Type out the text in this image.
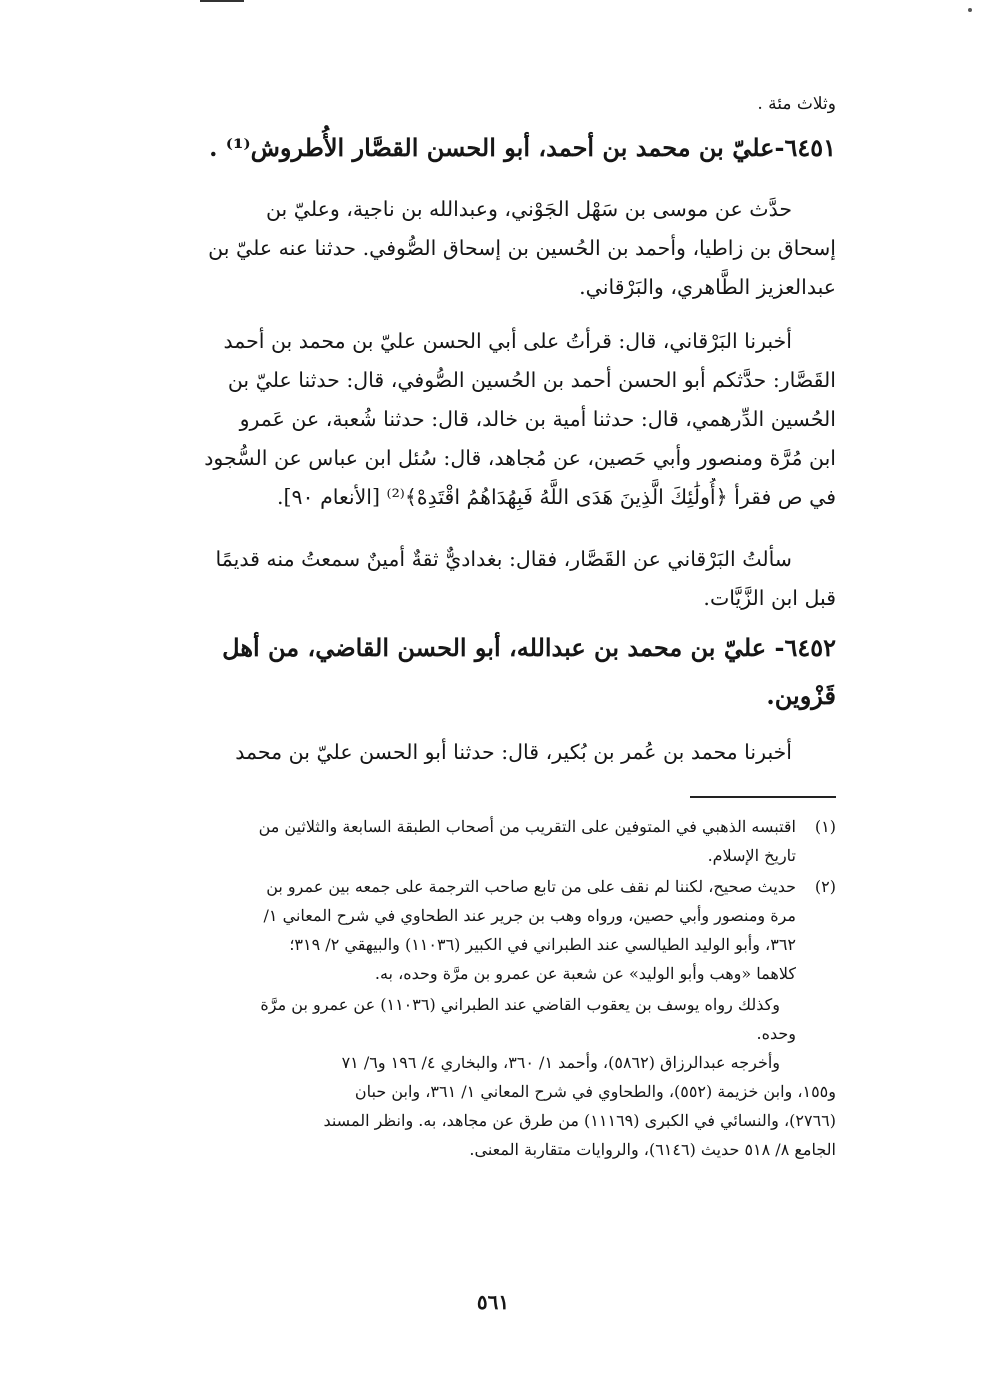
وثلاث مئة .
٦٤٥١-عليّ بن محمد بن أحمد، أبو الحسن القصَّار الأُطروش⁽¹⁾ .
حدَّث عن موسى بن سَهْل الجَوْني، وعبدالله بن ناجية، وعليّ بن
إسحاق بن زاطيا، وأحمد بن الحُسين بن إسحاق الصُّوفي. حدثنا عنه عليّ بن
عبدالعزيز الطَّاهري، والبَرْقاني.
أخبرنا البَرْقاني، قال: قرأتُ على أبي الحسن عليّ بن محمد بن أحمد
القَصَّار: حدَّثكم أبو الحسن أحمد بن الحُسين الصُّوفي، قال: حدثنا عليّ بن
الحُسين الدِّرهمي، قال: حدثنا أمية بن خالد، قال: حدثنا شُعبة، عن عَمرو
ابن مُرَّة ومنصور وأبي حَصين، عن مُجاهد، قال: سُئل ابن عباس عن السُّجود
في ص فقرأ ﴿أُولَٰئِكَ الَّذِينَ هَدَى اللَّهُ فَبِهُدَاهُمُ اقْتَدِهْ﴾⁽²⁾ [الأنعام ٩٠].
سألتُ البَرْقاني عن القَصَّار، فقال: بغداديٌّ ثقةٌ أمينٌ سمعتُ منه قديمًا
قبل ابن الزَّيَّات.
٦٤٥٢- عليّ بن محمد بن عبدالله، أبو الحسن القاضي، من أهل
قَزْوين.
أخبرنا محمد بن عُمر بن بُكير، قال: حدثنا أبو الحسن عليّ بن محمد
(١)
اقتبسه الذهبي في المتوفين على التقريب من أصحاب الطبقة السابعة والثلاثين من
تاريخ الإسلام.
(٢)
حديث صحيح، لكننا لم نقف على من تابع صاحب الترجمة على جمعه بين عمرو بن
مرة ومنصور وأبي حصين، ورواه وهب بن جرير عند الطحاوي في شرح المعاني ١/
٣٦٢، وأبو الوليد الطيالسي عند الطبراني في الكبير (١١٠٣٦) والبيهقي ٢/ ٣١٩؛
كلاهما «وهب وأبو الوليد» عن شعبة عن عمرو بن مرَّة وحده، به.
وكذلك رواه يوسف بن يعقوب القاضي عند الطبراني (١١٠٣٦) عن عمرو بن مرَّة
وحده.
وأخرجه عبدالرزاق (٥٨٦٢)، وأحمد ١/ ٣٦٠، والبخاري ٤/ ١٩٦ و٦/ ٧١
و١٥٥، وابن خزيمة (٥٥٢)، والطحاوي في شرح المعاني ١/ ٣٦١، وابن حبان
(٢٧٦٦)، والنسائي في الكبرى (١١١٦٩) من طرق عن مجاهد، به. وانظر المسند
الجامع ٨/ ٥١٨ حديث (٦١٤٦)، والروايات متقاربة المعنى.
٥٦١
